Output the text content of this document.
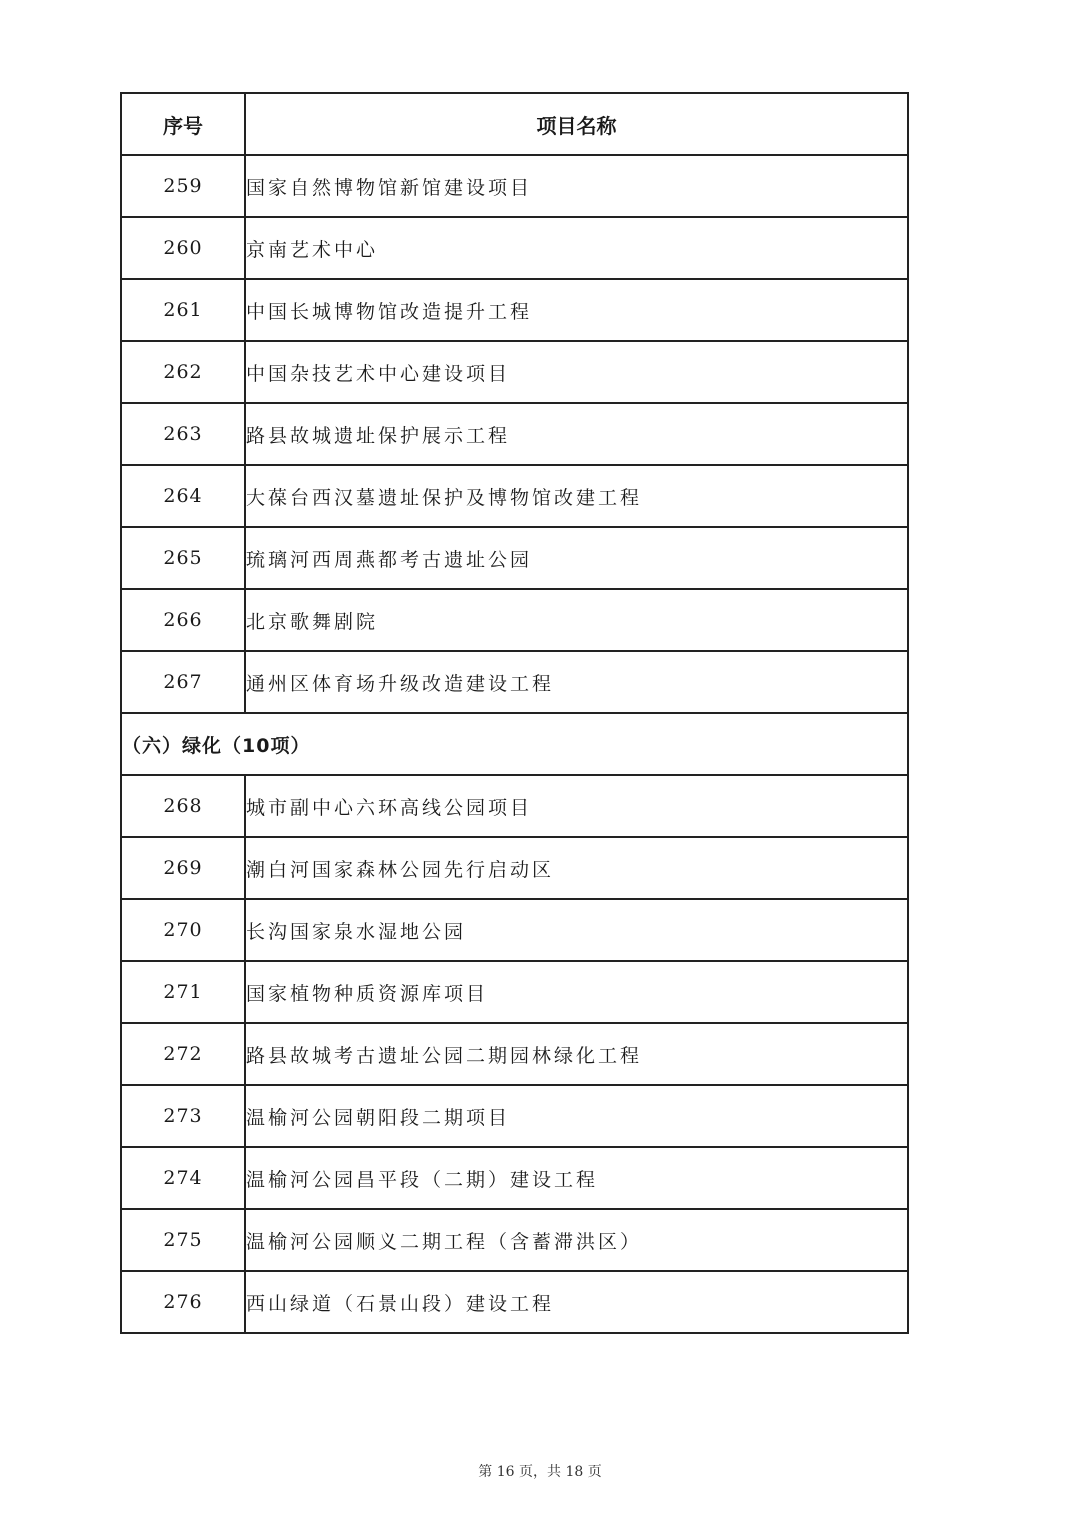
序号	项目名称
259	国家自然博物馆新馆建设项目
260	京南艺术中心
261	中国长城博物馆改造提升工程
262	中国杂技艺术中心建设项目
263	路县故城遗址保护展示工程
264	大葆台西汉墓遗址保护及博物馆改建工程
265	琉璃河西周燕都考古遗址公园
266	北京歌舞剧院
267	通州区体育场升级改造建设工程
（六）绿化（10项）	
268	城市副中心六环高线公园项目
269	潮白河国家森林公园先行启动区
270	长沟国家泉水湿地公园
271	国家植物种质资源库项目
272	路县故城考古遗址公园二期园林绿化工程
273	温榆河公园朝阳段二期项目
274	温榆河公园昌平段（二期）建设工程
275	温榆河公园顺义二期工程（含蓄滞洪区）
276	西山绿道（石景山段）建设工程
第 16 页，共 18 页
